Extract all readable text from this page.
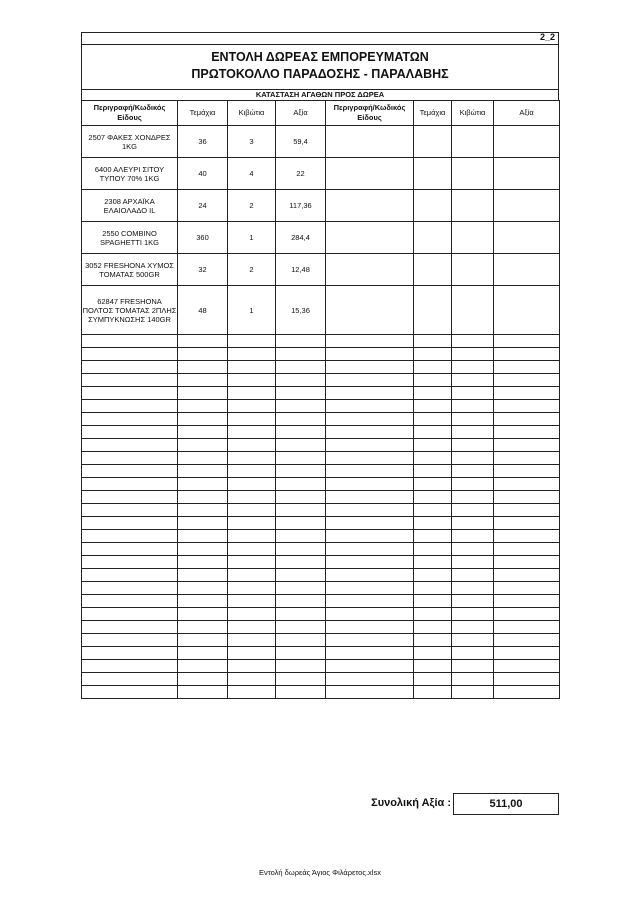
2_2
ΕΝΤΟΛΗ ΔΩΡΕΑΣ ΕΜΠΟΡΕΥΜΑΤΩΝ
ΠΡΩΤΟΚΟΛΛΟ ΠΑΡΑΔΟΣΗΣ - ΠΑΡΑΛΑΒΗΣ
ΚΑΤΑΣΤΑΣΗ ΑΓΑΘΩΝ ΠΡΟΣ ΔΩΡΕΑ
Περιγραφή/Κωδικός Είδους	Τεμάχια	Κιβώτια	Αξία	Περιγραφή/Κωδικός Είδους	Τεμάχια	Κιβώτια	Αξία
2507 ΦΑΚΕΣ ΧΟΝΔΡΕΣ 1KG	36	3	59,4				
6400 ΑΛΕΥΡΙ ΣΙΤΟΥ ΤΥΠΟΥ 70% 1KG	40	4	22				
2308 ΑΡΧΑΪΚΑ ΕΛΑΙΟΛΑΔΟ IL	24	2	117,36				
2550 COMBINO SPAGHETTI 1KG	360	1	284,4				
3052 FRESHONA ΧΥΜΟΣ ΤΟΜΑΤΑΣ 500GR	32	2	12,48				

62847 FRESHONA ΠΟΛΤΟΣ ΤΟΜΑΤΑΣ 2ΠΛΗΣ ΣΥΜΠΥΚΝΩΣΗΣ 140GR	48	1	15,36				

Συνολική Αξία :	511,00
Εντολή δωρεάς Άγιος Φιλάρετος.xlsx
